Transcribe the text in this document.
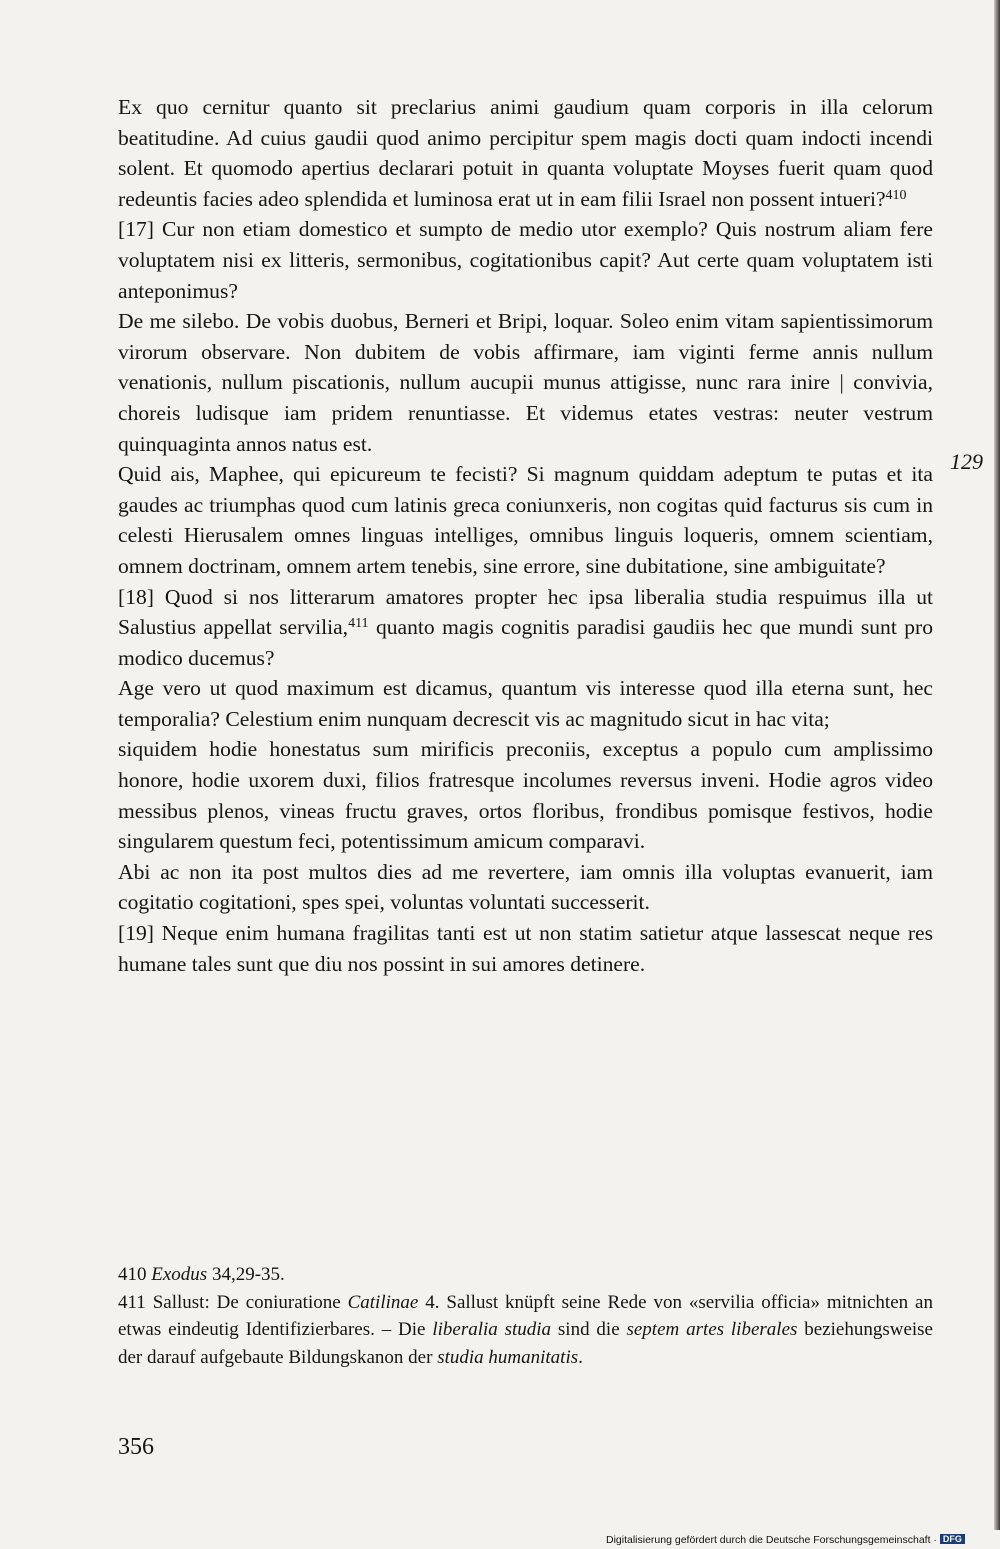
Ex quo cernitur quanto sit preclarius animi gaudium quam corporis in illa celorum beatitudine. Ad cuius gaudii quod animo percipitur spem magis docti quam indocti incendi solent. Et quomodo apertius declarari potuit in quanta voluptate Moyses fuerit quam quod redeuntis facies adeo splendida et luminosa erat ut in eam filii Israel non possent intueri?$^{410}$

[17] Cur non etiam domestico et sumpto de medio utor exemplo? Quis nostrum aliam fere voluptatem nisi ex litteris, sermonibus, cogitationibus capit? Aut certe quam voluptatem isti anteponimus?

De me silebo. De vobis duobus, Berneri et Bripi, loquar. Soleo enim vitam sapientissimorum virorum observare. Non dubitem de vobis affirmare, iam viginti ferme annis nullum venationis, nullum piscationis, nullum aucupii munus attigisse, nunc rara inire | convivia, choreis ludisque iam pridem renuntiasse. Et videmus etates vestras: neuter vestrum quinquaginta annos natus est.

Quid ais, Maphee, qui epicureum te fecisti? Si magnum quiddam adeptum te putas et ita gaudes ac triumphas quod cum latinis greca coniunxeris, non cogitas quid facturus sis cum in celesti Hierusalem omnes linguas intelliges, omnibus linguis loqueris, omnem scientiam, omnem doctrinam, omnem artem tenebis, sine errore, sine dubitatione, sine ambiguitate?

[18] Quod si nos litterarum amatores propter hec ipsa liberalia studia respuimus illa ut Salustius appellat servilia,$^{411}$ quanto magis cognitis paradisi gaudiis hec que mundi sunt pro modico ducemus?

Age vero ut quod maximum est dicamus, quantum vis interesse quod illa eterna sunt, hec temporalia? Celestium enim nunquam decrescit vis ac magnitudo sicut in hac vita;

siquidem hodie honestatus sum mirificis preconiis, exceptus a populo cum amplissimo honore, hodie uxorem duxi, filios fratresque incolumes reversus inveni. Hodie agros video messibus plenos, vineas fructu graves, ortos floribus, frondibus pomisque festivos, hodie singularem questum feci, potentissimum amicum comparavi.

Abi ac non ita post multos dies ad me revertere, iam omnis illa voluptas evanuerit, iam cogitatio cogitationi, spes spei, voluntas voluntati successerit.

[19] Neque enim humana fragilitas tanti est ut non statim satietur atque lassescat neque res humane tales sunt que diu nos possint in sui amores detinere.

129

410 Exodus 34,29-35.

411 Sallust: De coniuratione Catilinae 4. Sallust knüpft seine Rede von «servilia officia» mitnichten an etwas eindeutig Identifizierbares. – Die liberalia studia sind die septem artes liberales beziehungsweise der darauf aufgebaute Bildungskanon der studia humanitatis.

356
Digitalisierung gefördert durch die Deutsche Forschungsgemeinschaft · DFG
